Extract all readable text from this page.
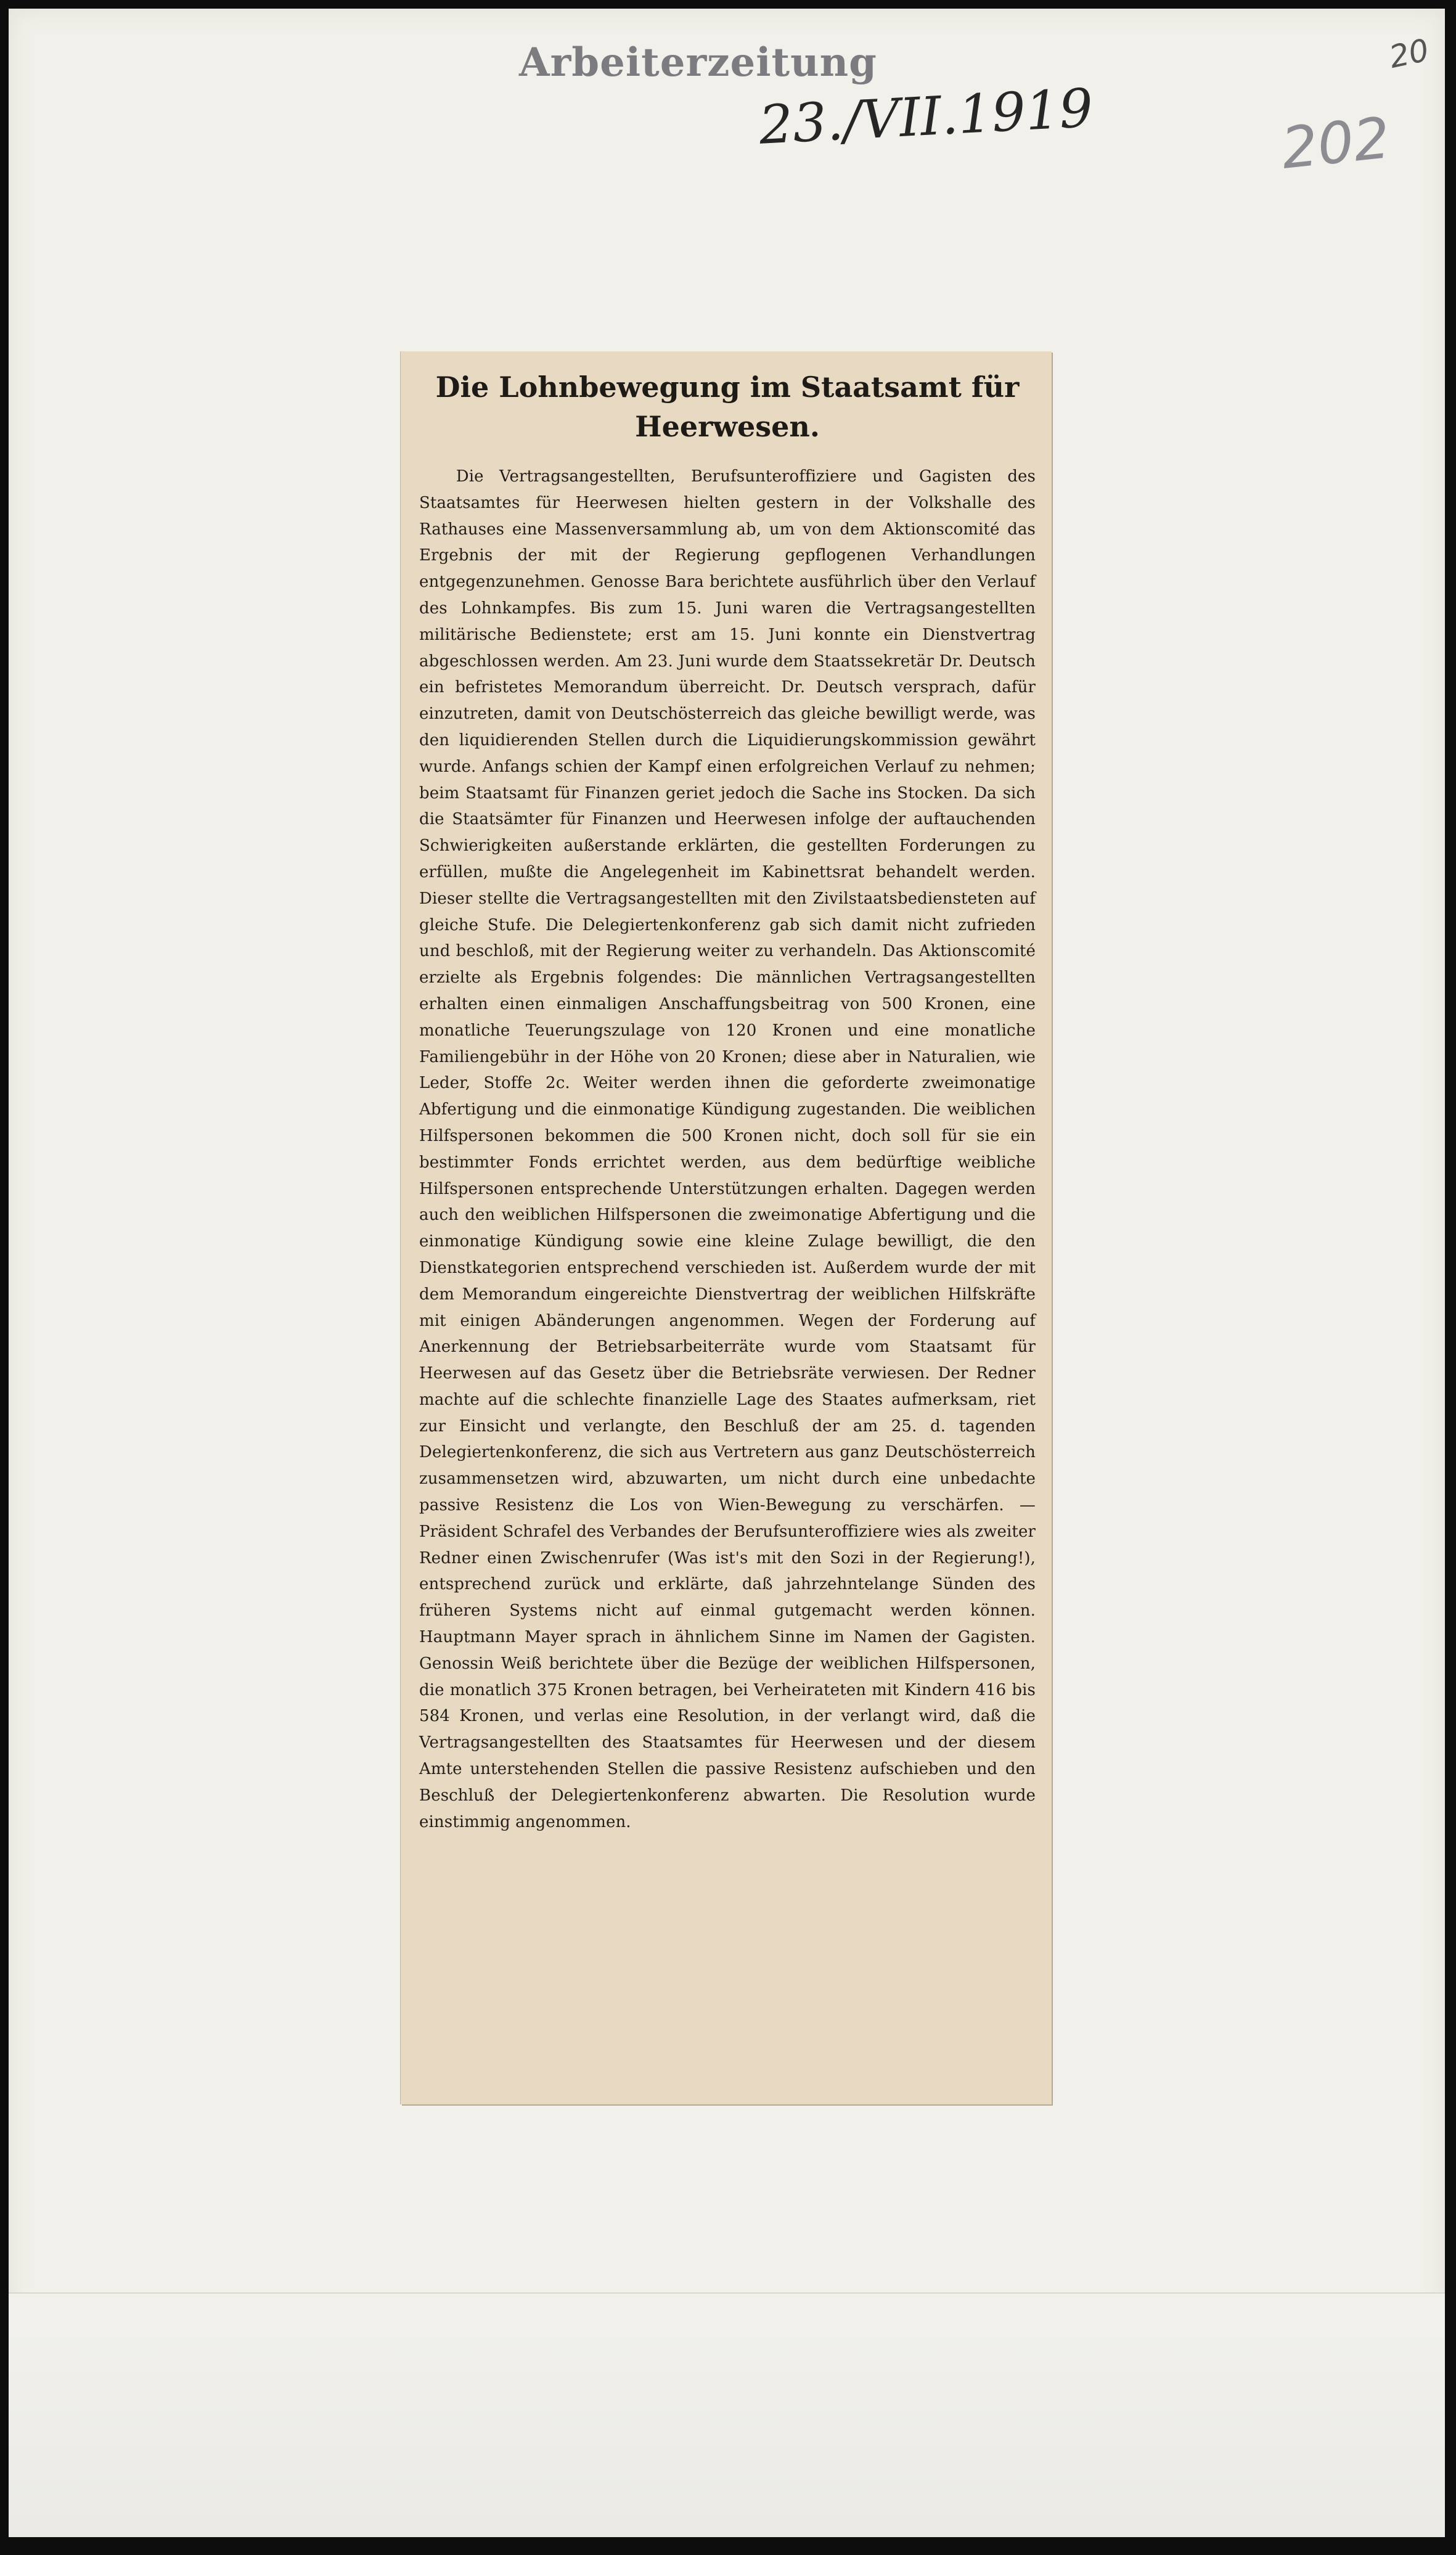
Arbeiterzeitung
23./VII.1919	202
20
Die Lohnbewegung im Staatsamt für Heerwesen.

Die Vertragsangestellten, Berufsunteroffiziere und Gagisten des Staatsamtes für Heerwesen hielten gestern in der Volkshalle des Rathauses eine Massenversammlung ab, um von dem Aktionscomité das Ergebnis der mit der Regierung gepflogenen Verhandlungen entgegenzunehmen. Genosse Bara berichtete ausführlich über den Verlauf des Lohnkampfes. Bis zum 15. Juni waren die Vertragsangestellten militärische Bedienstete; erst am 15. Juni konnte ein Dienstvertrag abgeschlossen werden. Am 23. Juni wurde dem Staatssekretär Dr. Deutsch ein befristetes Memorandum überreicht. Dr. Deutsch versprach, dafür einzutreten, damit von Deutschösterreich das gleiche bewilligt werde, was den liquidierenden Stellen durch die Liquidierungskommission gewährt wurde. Anfangs schien der Kampf einen erfolgreichen Verlauf zu nehmen; beim Staatsamt für Finanzen geriet jedoch die Sache ins Stocken. Da sich die Staatsämter für Finanzen und Heerwesen infolge der auftauchenden Schwierigkeiten außerstande erklärten, die gestellten Forderungen zu erfüllen, mußte die Angelegenheit im Kabinettsrat behandelt werden. Dieser stellte die Vertragsangestellten mit den Zivilstaatsbediensteten auf gleiche Stufe. Die Delegiertenkonferenz gab sich damit nicht zufrieden und beschloß, mit der Regierung weiter zu verhandeln. Das Aktionscomité erzielte als Ergebnis folgendes: Die männlichen Vertragsangestellten erhalten einen einmaligen Anschaffungsbeitrag von 500 Kronen, eine monatliche Teuerungszulage von 120 Kronen und eine monatliche Familiengebühr in der Höhe von 20 Kronen; diese aber in Naturalien, wie Leder, Stoffe 2c. Weiter werden ihnen die geforderte zweimonatige Abfertigung und die einmonatige Kündigung zugestanden. Die weiblichen Hilfspersonen bekommen die 500 Kronen nicht, doch soll für sie ein bestimmter Fonds errichtet werden, aus dem bedürftige weibliche Hilfspersonen entsprechende Unterstützungen erhalten. Dagegen werden auch den weiblichen Hilfspersonen die zweimonatige Abfertigung und die einmonatige Kündigung sowie eine kleine Zulage bewilligt, die den Dienstkategorien entsprechend verschieden ist. Außerdem wurde der mit dem Memorandum eingereichte Dienstvertrag der weiblichen Hilfskräfte mit einigen Abänderungen angenommen. Wegen der Forderung auf Anerkennung der Betriebsarbeiterräte wurde vom Staatsamt für Heerwesen auf das Gesetz über die Betriebsräte verwiesen. Der Redner machte auf die schlechte finanzielle Lage des Staates aufmerksam, riet zur Einsicht und verlangte, den Beschluß der am 25. d. tagenden Delegiertenkonferenz, die sich aus Vertretern aus ganz Deutschösterreich zusammensetzen wird, abzuwarten, um nicht durch eine unbedachte passive Resistenz die Los von Wien-Bewegung zu verschärfen. — Präsident Schrafel des Verbandes der Berufsunteroffiziere wies als zweiter Redner einen Zwischenrufer (Was ist's mit den Sozi in der Regierung!), entsprechend zurück und erklärte, daß jahrzehntelange Sünden des früheren Systems nicht auf einmal gutgemacht werden können. Hauptmann Mayer sprach in ähnlichem Sinne im Namen der Gagisten. Genossin Weiß berichtete über die Bezüge der weiblichen Hilfspersonen, die monatlich 375 Kronen betragen, bei Verheirateten mit Kindern 416 bis 584 Kronen, und verlas eine Resolution, in der verlangt wird, daß die Vertragsangestellten des Staatsamtes für Heerwesen und der diesem Amte unterstehenden Stellen die passive Resistenz aufschieben und den Beschluß der Delegiertenkonferenz abwarten. Die Resolution wurde einstimmig angenommen.
